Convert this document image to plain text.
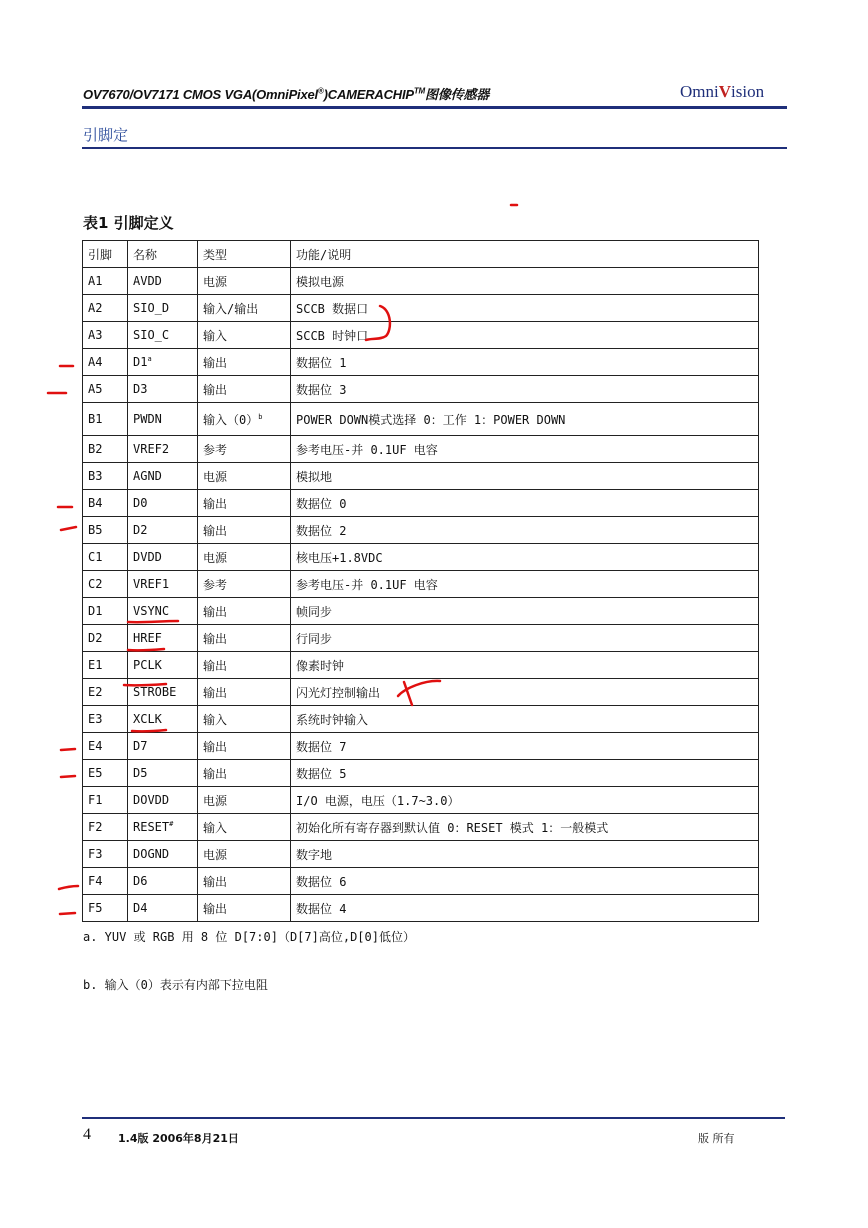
OV7670/OV7171 CMOS VGA(OmniPixel®)CAMERACHIP™图像传感器	OmniVision
引脚定
表1 引脚定义
引脚	名称	类型	功能/说明
A1	AVDD	电源	模拟电源
A2	SIO_D	输入/输出	SCCB 数据口
A3	SIO_C	输入	SCCB 时钟口
A4	D1$^a$	输出	数据位 1
A5	D3	输出	数据位 3
B1	PWDN	输入$(0)^b$	POWER DOWN模式选择 0：工作 1：POWER DOWN
B2	VREF2	参考	参考电压-并 0.1UF 电容
B3	AGND	电源	模拟地
B4	D0	输出	数据位 0
B5	D2	输出	数据位 2
C1	DVDD	电源	核电压+1.8VDC
C2	VREF1	参考	参考电压-并 0.1UF 电容
D1	VSYNC	输出	帧同步
D2	HREF	输出	行同步
E1	PCLK	输出	像素时钟
E2	STROBE	输出	闪光灯控制输出
E3	XCLK	输入	系统时钟输入
E4	D7	输出	数据位 7
E5	D5	输出	数据位 5
F1	DOVDD	电源	I/O 电源，电压（1.7~3.0）
F2	RESET#	输入	初始化所有寄存器到默认值 0：RESET 模式 1：一般模式
F3	DOGND	电源	数字地
F4	D6	输出	数据位 6
F5	D4	输出	数据位 4
a. YUV 或 RGB 用 8 位 D[7:0]（D[7]高位,D[0]低位）
b. 输入（0）表示有内部下拉电阻
4 1.4版 2006年8月21日	版 所有
